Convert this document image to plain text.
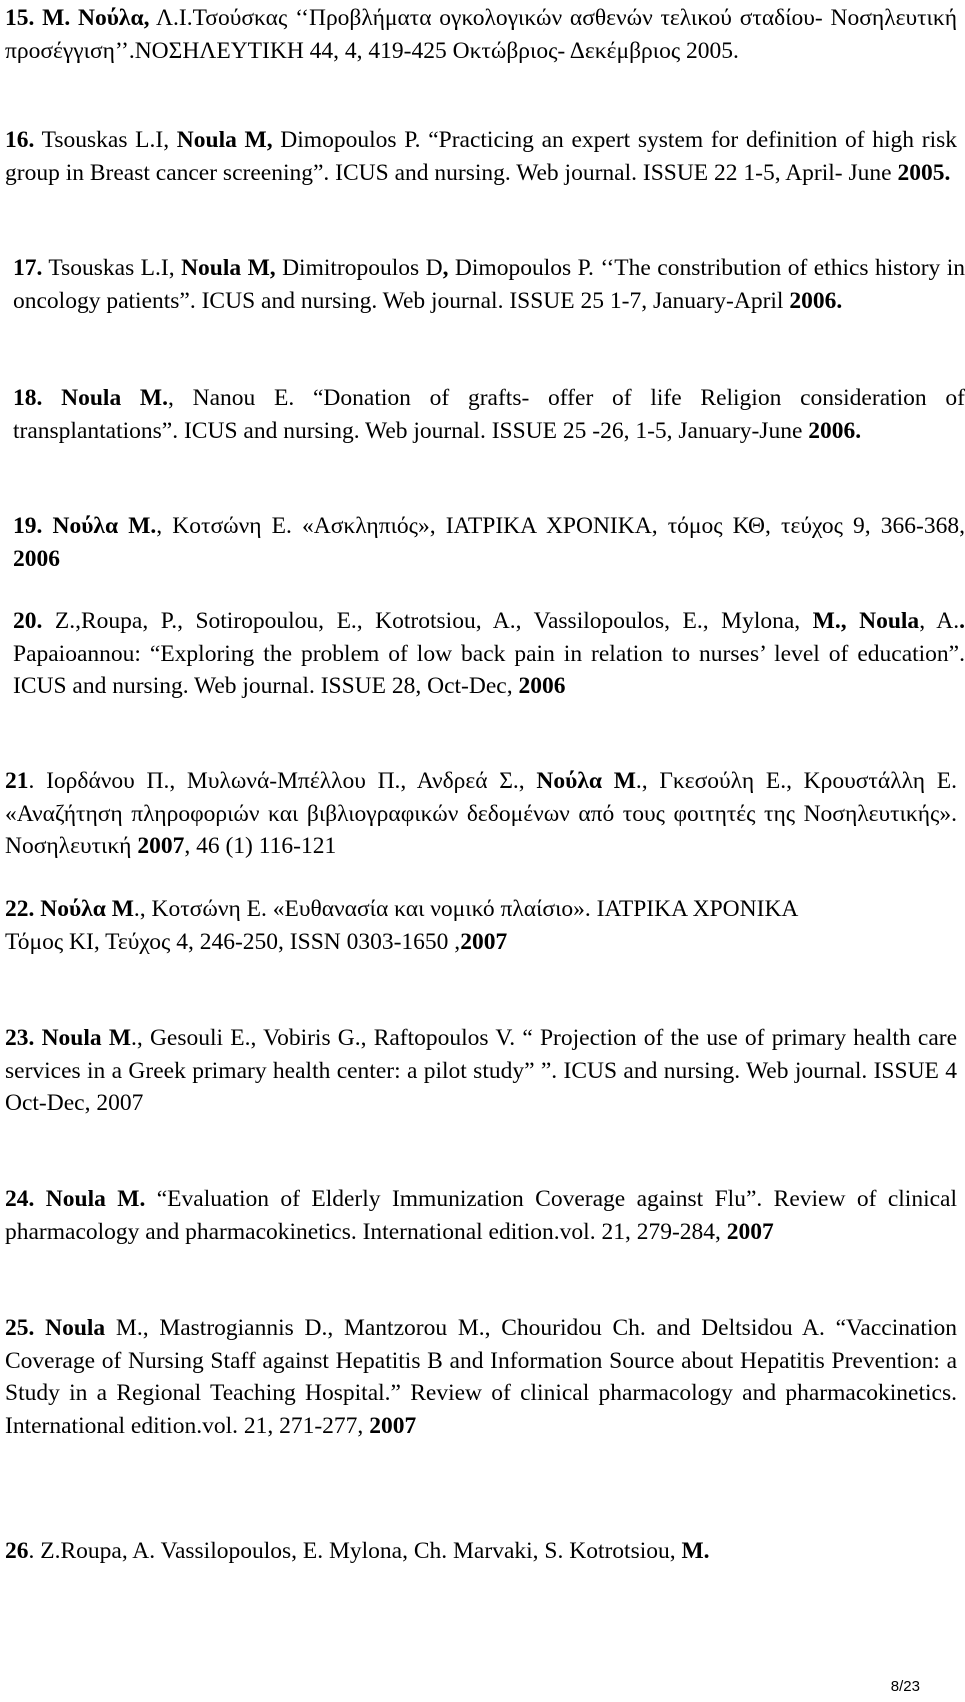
15. Μ. Νούλα, Λ.Ι.Τσούσκας ‘‘Προβλήματα ογκολογικών ασθενών τελικού σταδίου- Νοσηλευτική προσέγγιση’’.ΝΟΣΗΛΕΥΤΙΚΗ 44, 4, 419-425 Οκτώβριος- Δεκέμβριος 2005.

16. Tsouskas L.I, Noula M, Dimopoulos P. “Practicing an expert system for definition of high risk group in Breast cancer screening”. ICUS and nursing. Web journal. ISSUE 22 1-5, April- June 2005.

17. Tsouskas L.I, Noula M, Dimitropoulos D, Dimopoulos P. ‘‘The constribution of ethics history in oncology patients”. ICUS and nursing. Web journal. ISSUE 25 1-7, January-April 2006.

18. Noula M., Nanou E. “Donation of grafts- offer of life Religion consideration of transplantations”. ICUS and nursing. Web journal. ISSUE 25 -26, 1-5, January-June 2006.

19. Νούλα Μ., Κοτσώνη Ε. «Ασκληπιός», ΙΑΤΡΙΚΑ ΧΡΟΝΙΚΑ, τόμος ΚΘ, τεύχος 9, 366-368, 2006

20. Z.,Roupa, P., Sotiropoulou, E., Kotrotsiou, A., Vassilopoulos, E., Mylona, M., Noula, A.. Papaioannou: “Exploring the problem of low back pain in relation to nurses’ level of education”. ICUS and nursing. Web journal. ISSUE 28, Oct-Dec, 2006

21. Ιορδάνου Π., Μυλωνά-Μπέλλου Π., Ανδρεά Σ., Νούλα Μ., Γκεσούλη Ε., Κρουστάλλη Ε. «Αναζήτηση πληροφοριών και βιβλιογραφικών δεδομένων από τους φοιτητές της Νοσηλευτικής». Νοσηλευτική 2007, 46 (1) 116-121

22. Νούλα Μ., Κοτσώνη Ε. «Ευθανασία και νομικό πλαίσιο». ΙΑΤΡΙΚΑ ΧΡΟΝΙΚΑ
Τόμος ΚΙ, Τεύχος 4, 246-250, ISSN 0303-1650 ,2007

23. Noula M., Gesouli E., Vobiris G., Raftopoulos V. “ Projection of the use of primary health care services in a Greek primary health center: a pilot study” ”. ICUS and nursing. Web journal. ISSUE 4 Oct-Dec, 2007

24. Noula M. “Evaluation of Elderly Immunization Coverage against Flu”. Review of clinical pharmacology and pharmacokinetics. International edition.vol. 21, 279-284, 2007

25. Noula M., Mastrogiannis D., Mantzorou M., Chouridou Ch. and Deltsidou A. “Vaccination Coverage of Nursing Staff against Hepatitis B and Information Source about Hepatitis Prevention: a Study in a Regional Teaching Hospital.” Review of clinical pharmacology and pharmacokinetics. International edition.vol. 21, 271-277, 2007

26. Z.Roupa, A. Vassilopoulos, E. Mylona, Ch. Marvaki, S. Kotrotsiou, M.

8/23
